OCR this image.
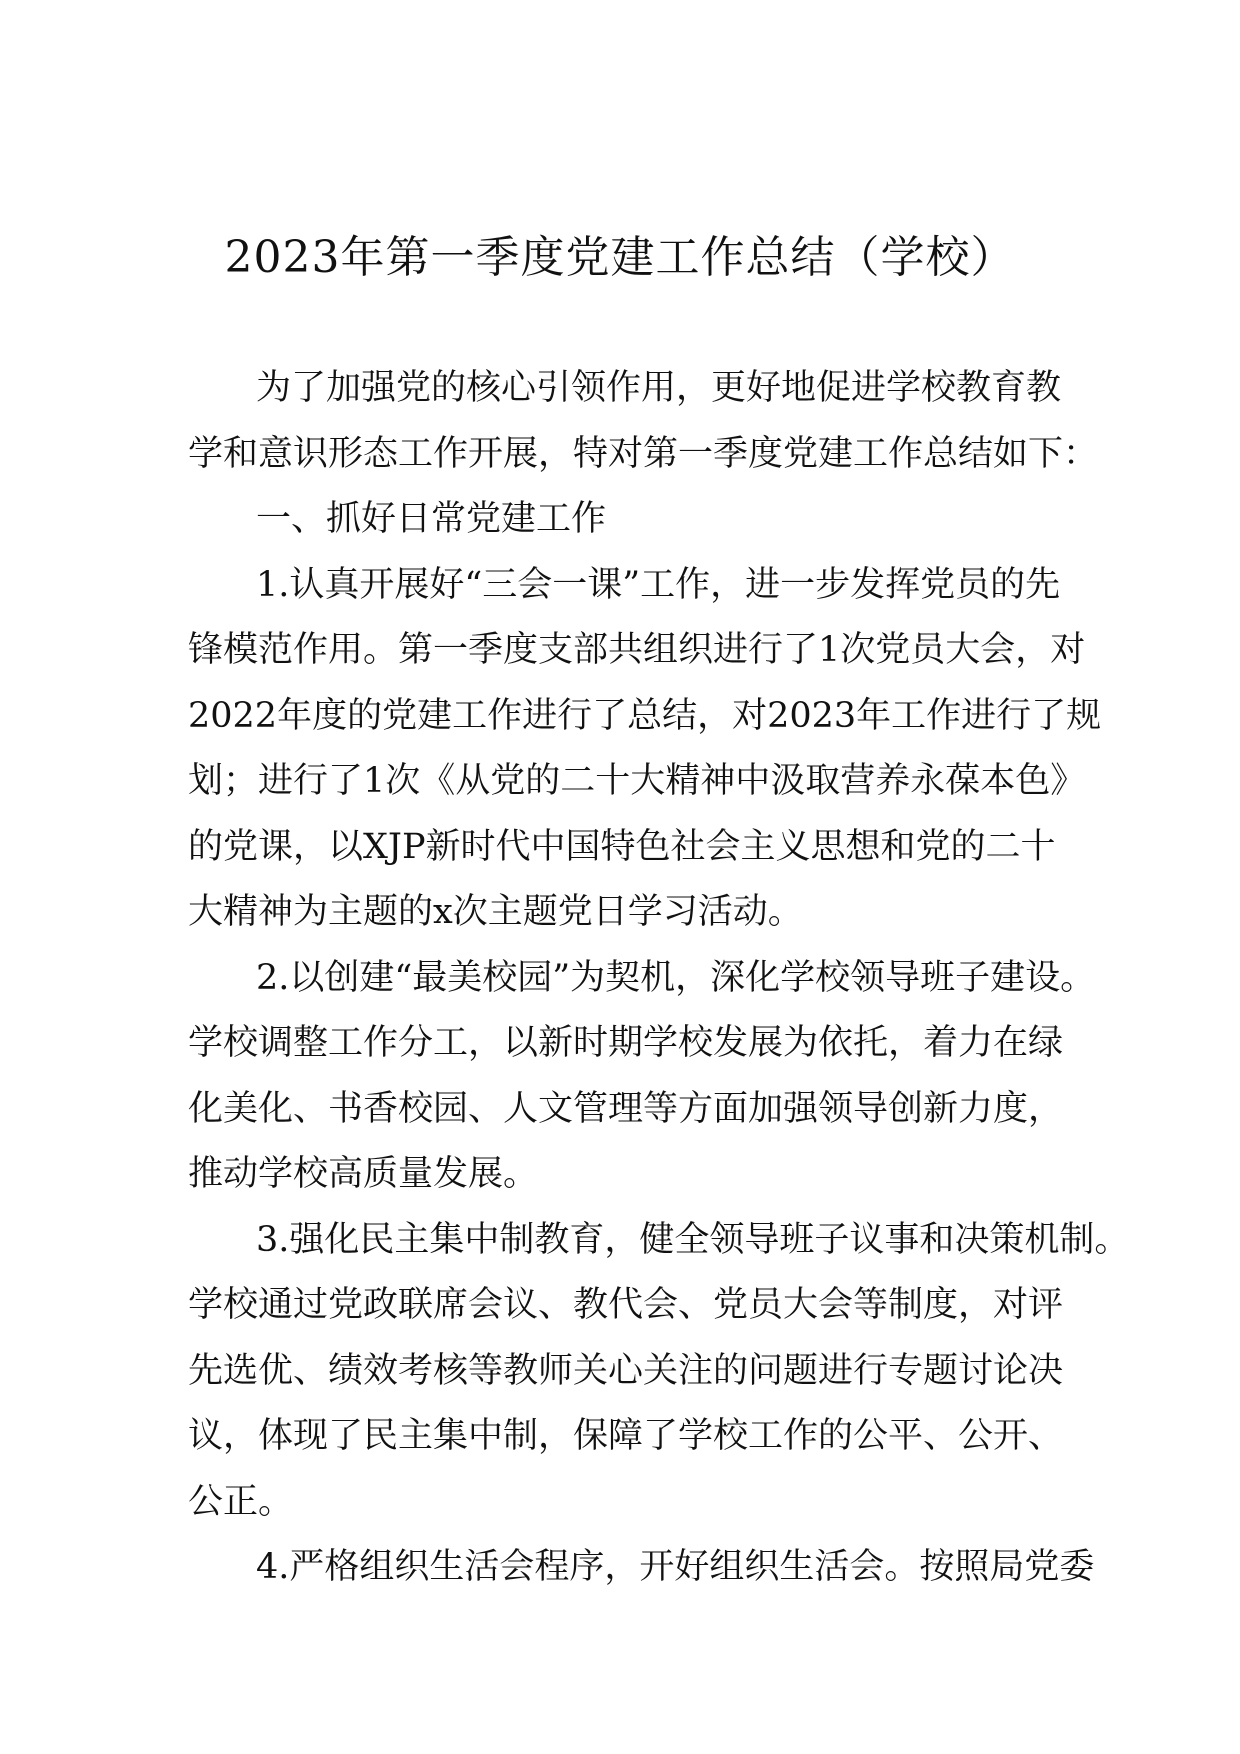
2023年第一季度党建工作总结（学校）
为了加强党的核心引领作用，更好地促进学校教育教
学和意识形态工作开展，特对第一季度党建工作总结如下：
一、抓好日常党建工作
1.认真开展好“三会一课”工作，进一步发挥党员的先
锋模范作用。第一季度支部共组织进行了1次党员大会，对
2022年度的党建工作进行了总结，对2023年工作进行了规
划；进行了1次《从党的二十大精神中汲取营养永葆本色》
的党课，以XJP新时代中国特色社会主义思想和党的二十
大精神为主题的x次主题党日学习活动。
2.以创建“最美校园”为契机，深化学校领导班子建设。
学校调整工作分工，以新时期学校发展为依托，着力在绿
化美化、书香校园、人文管理等方面加强领导创新力度，
推动学校高质量发展。
3.强化民主集中制教育，健全领导班子议事和决策机制。
学校通过党政联席会议、教代会、党员大会等制度，对评
先选优、绩效考核等教师关心关注的问题进行专题讨论决
议，体现了民主集中制，保障了学校工作的公平、公开、
公正。
4.严格组织生活会程序，开好组织生活会。按照局党委
